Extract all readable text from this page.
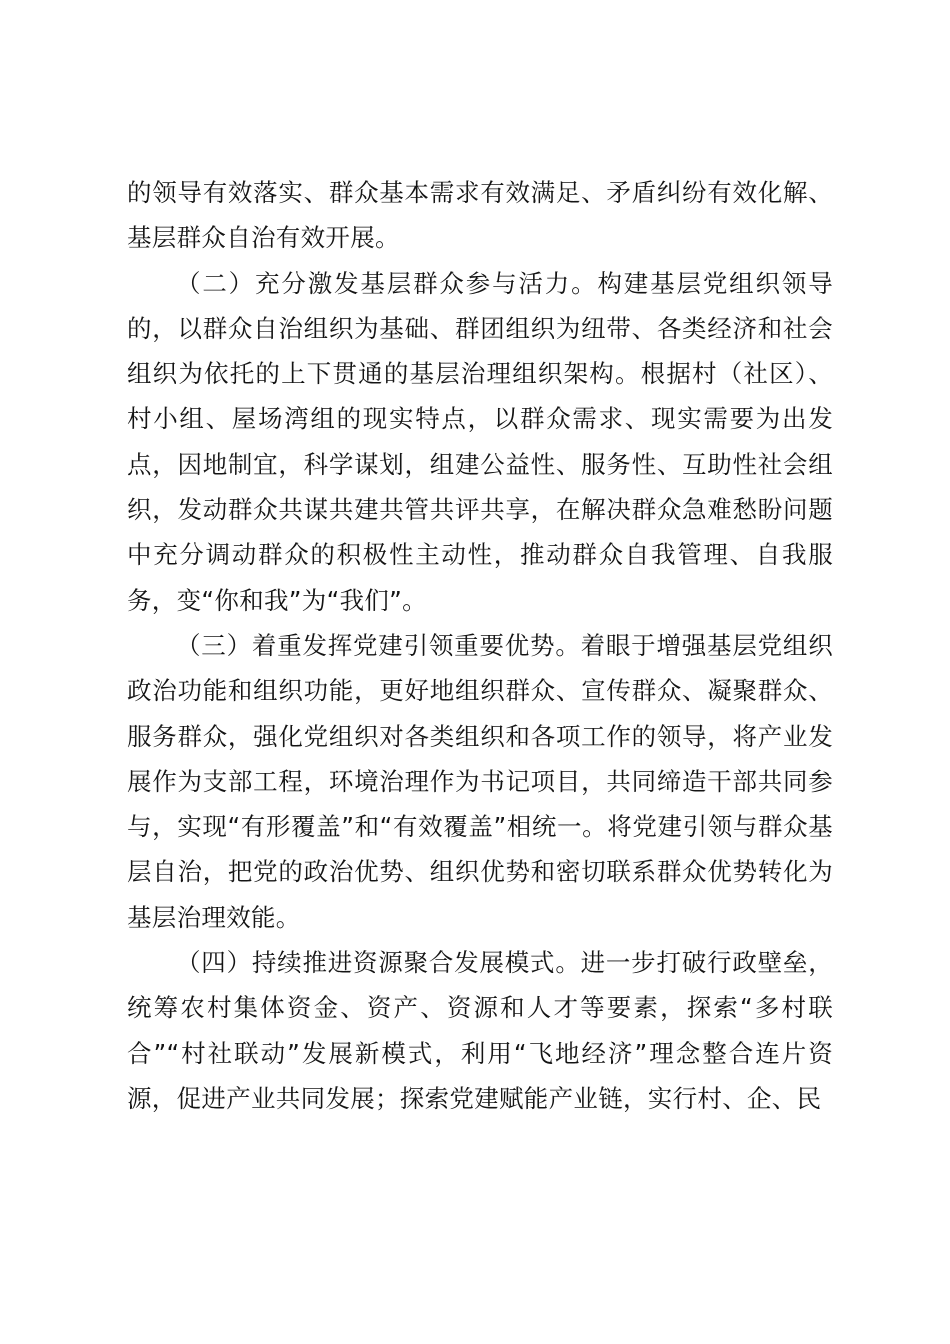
的领导有效落实、群众基本需求有效满足、矛盾纠纷有效化解、基层群众自治有效开展。

（二）充分激发基层群众参与活力。构建基层党组织领导的，以群众自治组织为基础、群团组织为纽带、各类经济和社会组织为依托的上下贯通的基层治理组织架构。根据村（社区）、村小组、屋场湾组的现实特点，以群众需求、现实需要为出发点，因地制宜，科学谋划，组建公益性、服务性、互助性社会组织，发动群众共谋共建共管共评共享，在解决群众急难愁盼问题中充分调动群众的积极性主动性，推动群众自我管理、自我服务，变“你和我”为“我们”。

（三）着重发挥党建引领重要优势。着眼于增强基层党组织政治功能和组织功能，更好地组织群众、宣传群众、凝聚群众、服务群众，强化党组织对各类组织和各项工作的领导，将产业发展作为支部工程，环境治理作为书记项目，共同缔造干部共同参与，实现“有形覆盖”和“有效覆盖”相统一。将党建引领与群众基层自治，把党的政治优势、组织优势和密切联系群众优势转化为基层治理效能。

（四）持续推进资源聚合发展模式。进一步打破行政壁垒，统筹农村集体资金、资产、资源和人才等要素，探索“多村联合”“村社联动”发展新模式，利用“飞地经济”理念整合连片资源，促进产业共同发展；探索党建赋能产业链，实行村、企、民
